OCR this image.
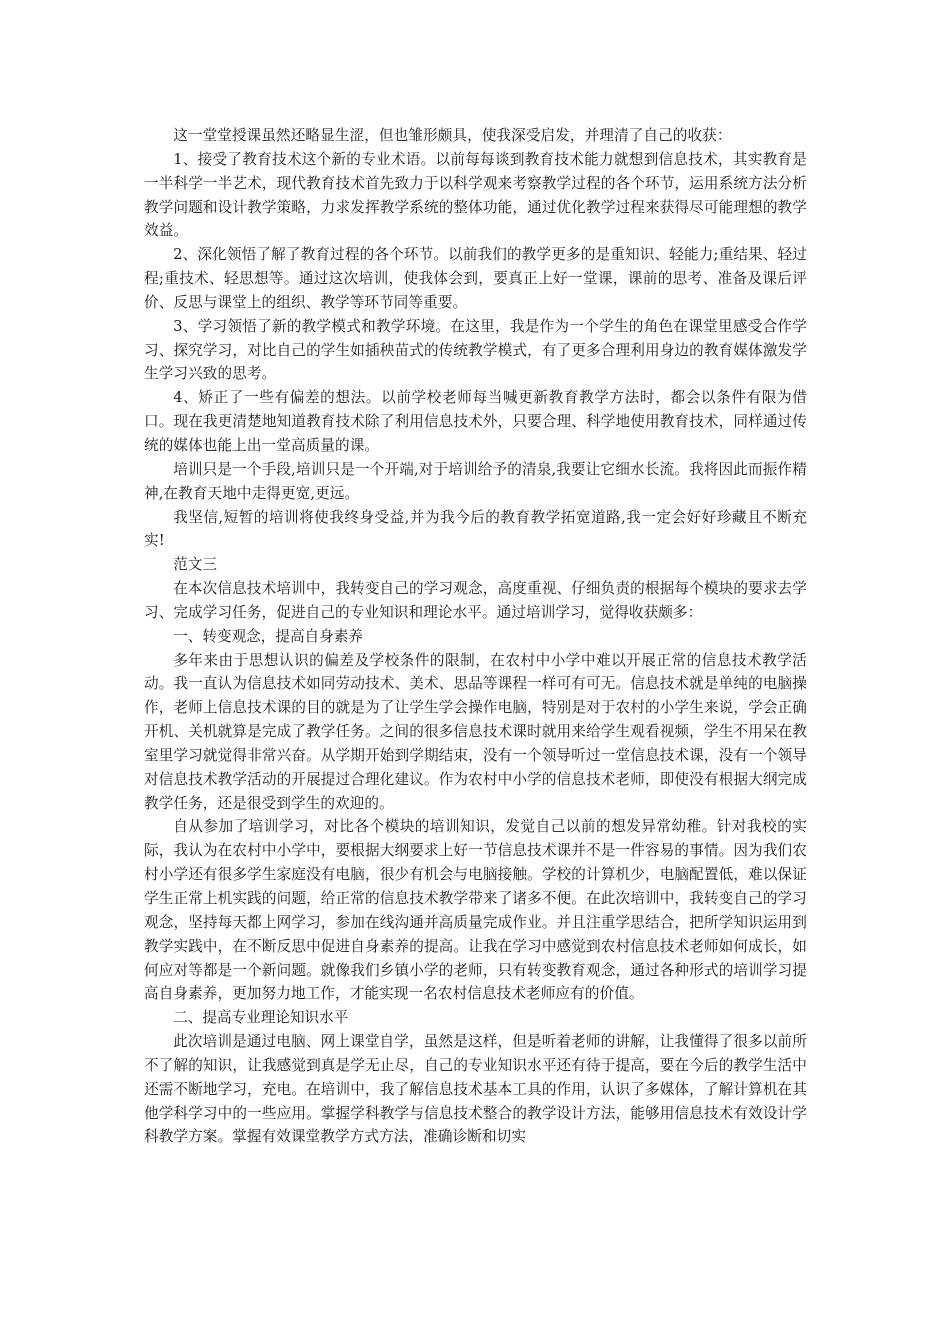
这一堂堂授课虽然还略显生涩，但也雏形颇具，使我深受启发，并理清了自己的收获：

1、接受了教育技术这个新的专业术语。以前每每谈到教育技术能力就想到信息技术，其实教育是一半科学一半艺术，现代教育技术首先致力于以科学观来考察教学过程的各个环节，运用系统方法分析教学问题和设计教学策略，力求发挥教学系统的整体功能，通过优化教学过程来获得尽可能理想的教学效益。

2、深化领悟了解了教育过程的各个环节。以前我们的教学更多的是重知识、轻能力;重结果、轻过程;重技术、轻思想等。通过这次培训，使我体会到，要真正上好一堂课，课前的思考、准备及课后评价、反思与课堂上的组织、教学等环节同等重要。

3、学习领悟了新的教学模式和教学环境。在这里，我是作为一个学生的角色在课堂里感受合作学习、探究学习，对比自己的学生如插秧苗式的传统教学模式，有了更多合理利用身边的教育媒体激发学生学习兴致的思考。

4、矫正了一些有偏差的想法。以前学校老师每当喊更新教育教学方法时，都会以条件有限为借口。现在我更清楚地知道教育技术除了利用信息技术外，只要合理、科学地使用教育技术，同样通过传统的媒体也能上出一堂高质量的课。

培训只是一个手段,培训只是一个开端,对于培训给予的清泉,我要让它细水长流。我将因此而振作精神,在教育天地中走得更宽,更远。

我坚信,短暂的培训将使我终身受益,并为我今后的教育教学拓宽道路,我一定会好好珍藏且不断充实!

范文三

在本次信息技术培训中，我转变自己的学习观念，高度重视、仔细负责的根据每个模块的要求去学习、完成学习任务，促进自己的专业知识和理论水平。通过培训学习，觉得收获颇多：

一、转变观念，提高自身素养

多年来由于思想认识的偏差及学校条件的限制，在农村中小学中难以开展正常的信息技术教学活动。我一直认为信息技术如同劳动技术、美术、思品等课程一样可有可无。信息技术就是单纯的电脑操作，老师上信息技术课的目的就是为了让学生学会操作电脑，特别是对于农村的小学生来说，学会正确开机、关机就算是完成了教学任务。之间的很多信息技术课时就用来给学生观看视频，学生不用呆在教室里学习就觉得非常兴奋。从学期开始到学期结束，没有一个领导听过一堂信息技术课，没有一个领导对信息技术教学活动的开展提过合理化建议。作为农村中小学的信息技术老师，即使没有根据大纲完成教学任务，还是很受到学生的欢迎的。

自从参加了培训学习，对比各个模块的培训知识，发觉自己以前的想发异常幼稚。针对我校的实际，我认为在农村中小学中，要根据大纲要求上好一节信息技术课并不是一件容易的事情。因为我们农村小学还有很多学生家庭没有电脑，很少有机会与电脑接触。学校的计算机少，电脑配置低，难以保证学生正常上机实践的问题，给正常的信息技术教学带来了诸多不便。在此次培训中，我转变自己的学习观念，坚持每天都上网学习，参加在线沟通并高质量完成作业。并且注重学思结合，把所学知识运用到教学实践中，在不断反思中促进自身素养的提高。让我在学习中感觉到农村信息技术老师如何成长，如何应对等都是一个新问题。就像我们乡镇小学的老师，只有转变教育观念，通过各种形式的培训学习提高自身素养，更加努力地工作，才能实现一名农村信息技术老师应有的价值。

二、提高专业理论知识水平

此次培训是通过电脑、网上课堂自学，虽然是这样，但是听着老师的讲解，让我懂得了很多以前所不了解的知识，让我感觉到真是学无止尽，自己的专业知识水平还有待于提高，要在今后的教学生活中还需不断地学习，充电。在培训中，我了解信息技术基本工具的作用，认识了多媒体，了解计算机在其他学科学习中的一些应用。掌握学科教学与信息技术整合的教学设计方法，能够用信息技术有效设计学科教学方案。掌握有效课堂教学方式方法，准确诊断和切实
